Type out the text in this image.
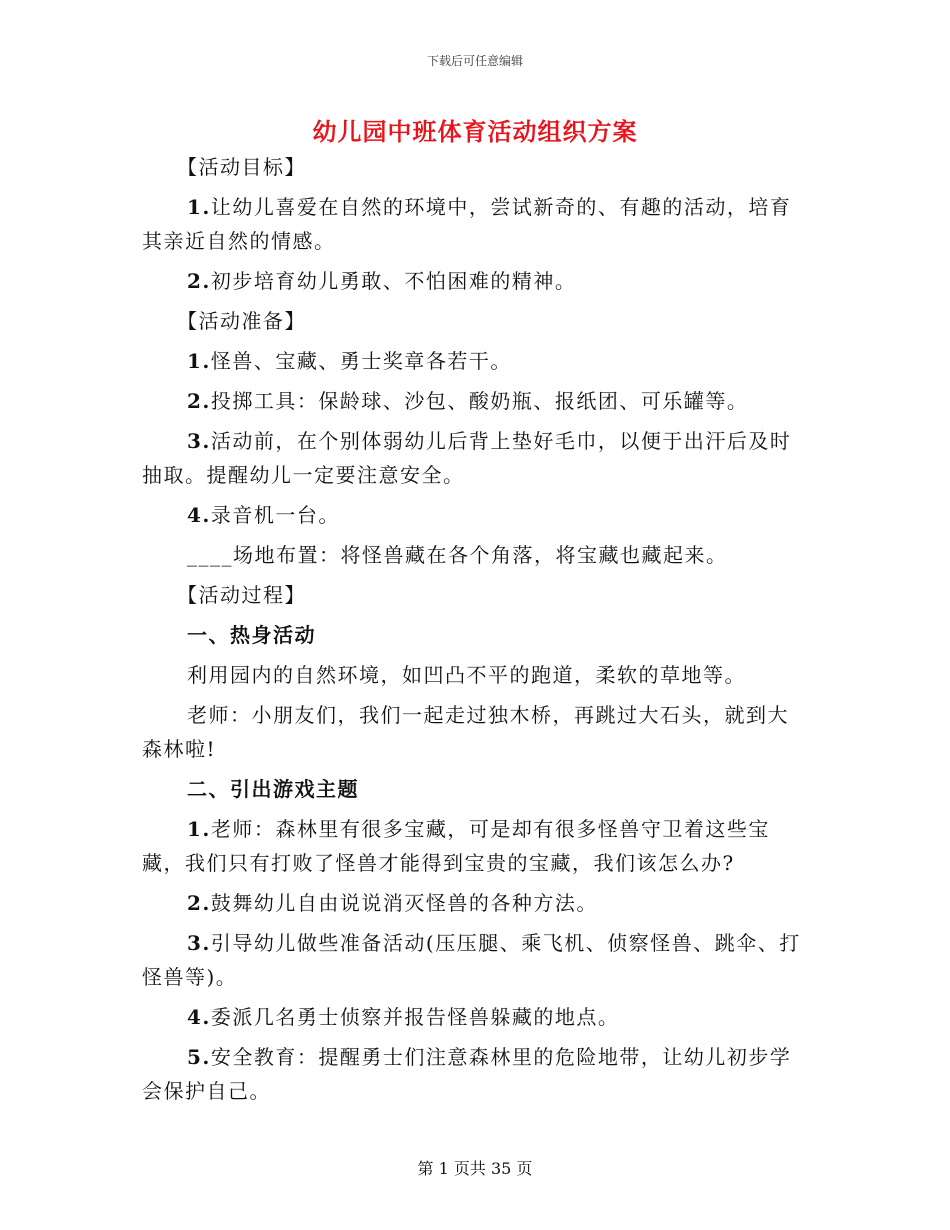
下载后可任意编辑
幼儿园中班体育活动组织方案

【活动目标】

1.让幼儿喜爱在自然的环境中，尝试新奇的、有趣的活动，培育其亲近自然的情感。

2.初步培育幼儿勇敢、不怕困难的精神。

【活动准备】

1.怪兽、宝藏、勇士奖章各若干。

2.投掷工具：保龄球、沙包、酸奶瓶、报纸团、可乐罐等。

3.活动前，在个别体弱幼儿后背上垫好毛巾，以便于出汗后及时抽取。提醒幼儿一定要注意安全。

4.录音机一台。

____场地布置：将怪兽藏在各个角落，将宝藏也藏起来。

【活动过程】

一、热身活动

利用园内的自然环境，如凹凸不平的跑道，柔软的草地等。

老师：小朋友们，我们一起走过独木桥，再跳过大石头，就到大森林啦!

二、引出游戏主题

1.老师：森林里有很多宝藏，可是却有很多怪兽守卫着这些宝藏，我们只有打败了怪兽才能得到宝贵的宝藏，我们该怎么办?

2.鼓舞幼儿自由说说消灭怪兽的各种方法。

3.引导幼儿做些准备活动(压压腿、乘飞机、侦察怪兽、跳伞、打怪兽等)。

4.委派几名勇士侦察并报告怪兽躲藏的地点。

5.安全教育：提醒勇士们注意森林里的危险地带，让幼儿初步学会保护自己。

第 1 页共 35 页
